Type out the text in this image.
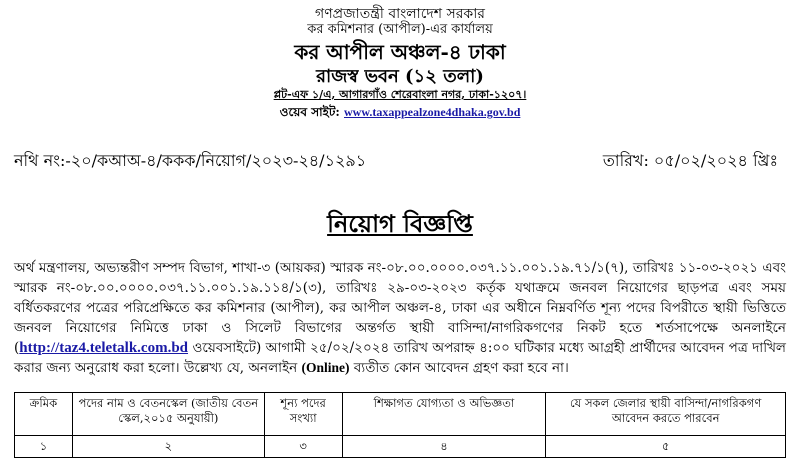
গণপ্রজাতন্ত্রী বাংলাদেশ সরকার
কর কমিশনার (আপীল)-এর কার্যালয়
কর আপীল অঞ্চল-৪ ঢাকা
রাজস্ব ভবন (১২ তলা)
প্লট-এফ ১/এ, আগারগাঁও শেরেবাংলা নগর, ঢাকা-১২০৭।
ওয়েব সাইট: www.taxappealzone4dhaka.gov.bd
নথি নং:-২০/কআঅ-৪/ককক/নিয়োগ/২০২৩-২৪/১২৯১	তারিখ: ০৫/০২/২০২৪ খ্রিঃ
নিয়োগ বিজ্ঞপ্তি
অর্থ মন্ত্রণালয়, অভ্যন্তরীণ সম্পদ বিভাগ, শাখা-৩ (আয়কর) স্মারক নং-০৮.০০.০০০০.০৩৭.১১.০০১.১৯.৭১/১(৭), তারিখঃ ১১-০৩-২০২১ এবং স্মারক নং-০৮.০০.০০০০.০৩৭.১১.০০১.১৯.১১৪/১(৩), তারিখঃ ২৯-০৩-২০২৩ কর্তৃক যথাক্রমে জনবল নিয়োগের ছাড়পত্র এবং সময় বর্ধিতকরণের পত্রের পরিপ্রেক্ষিতে কর কমিশনার (আপীল), কর আপীল অঞ্চল-৪, ঢাকা এর অধীনে নিম্নবর্ণিত শূন্য পদের বিপরীতে স্থায়ী ভিত্তিতে জনবল নিয়োগের নিমিত্তে ঢাকা ও সিলেট বিভাগের অন্তর্গত স্থায়ী বাসিন্দা/নাগরিকগণের নিকট হতে শর্তসাপেক্ষে অনলাইনে (http://taz4.teletalk.com.bd ওয়েবসাইটে) আগামী ২৫/০২/২০২৪ তারিখ অপরাহ্ন ৪:০০ ঘটিকার মধ্যে আগ্রহী প্রার্থীদের আবেদন পত্র দাখিল করার জন্য অনুরোধ করা হলো। উল্লেখ্য যে, অনলাইন (Online) ব্যতীত কোন আবেদন গ্রহণ করা হবে না।
ক্রমিক	পদের নাম ও বেতনস্কেল (জাতীয় বেতন স্কেল,২০১৫ অনুযায়ী)	শূন্য পদের সংখ্যা	শিক্ষাগত যোগ্যতা ও অভিজ্ঞতা	যে সকল জেলার স্থায়ী বাসিন্দা/নাগরিকগণ আবেদন করতে পারবেন
১	২	৩	৪	৫
